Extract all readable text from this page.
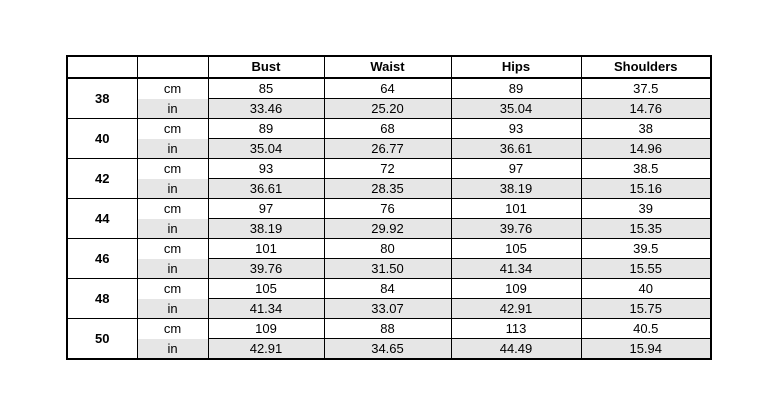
		Bust	Waist	Hips	Shoulders
38	cm	85	64	89	37.5
	in	33.46	25.20	35.04	14.76
40	cm	89	68	93	38
	in	35.04	26.77	36.61	14.96
42	cm	93	72	97	38.5
	in	36.61	28.35	38.19	15.16
44	cm	97	76	101	39
	in	38.19	29.92	39.76	15.35
46	cm	101	80	105	39.5
	in	39.76	31.50	41.34	15.55
48	cm	105	84	109	40
	in	41.34	33.07	42.91	15.75
50	cm	109	88	113	40.5
	in	42.91	34.65	44.49	15.94
